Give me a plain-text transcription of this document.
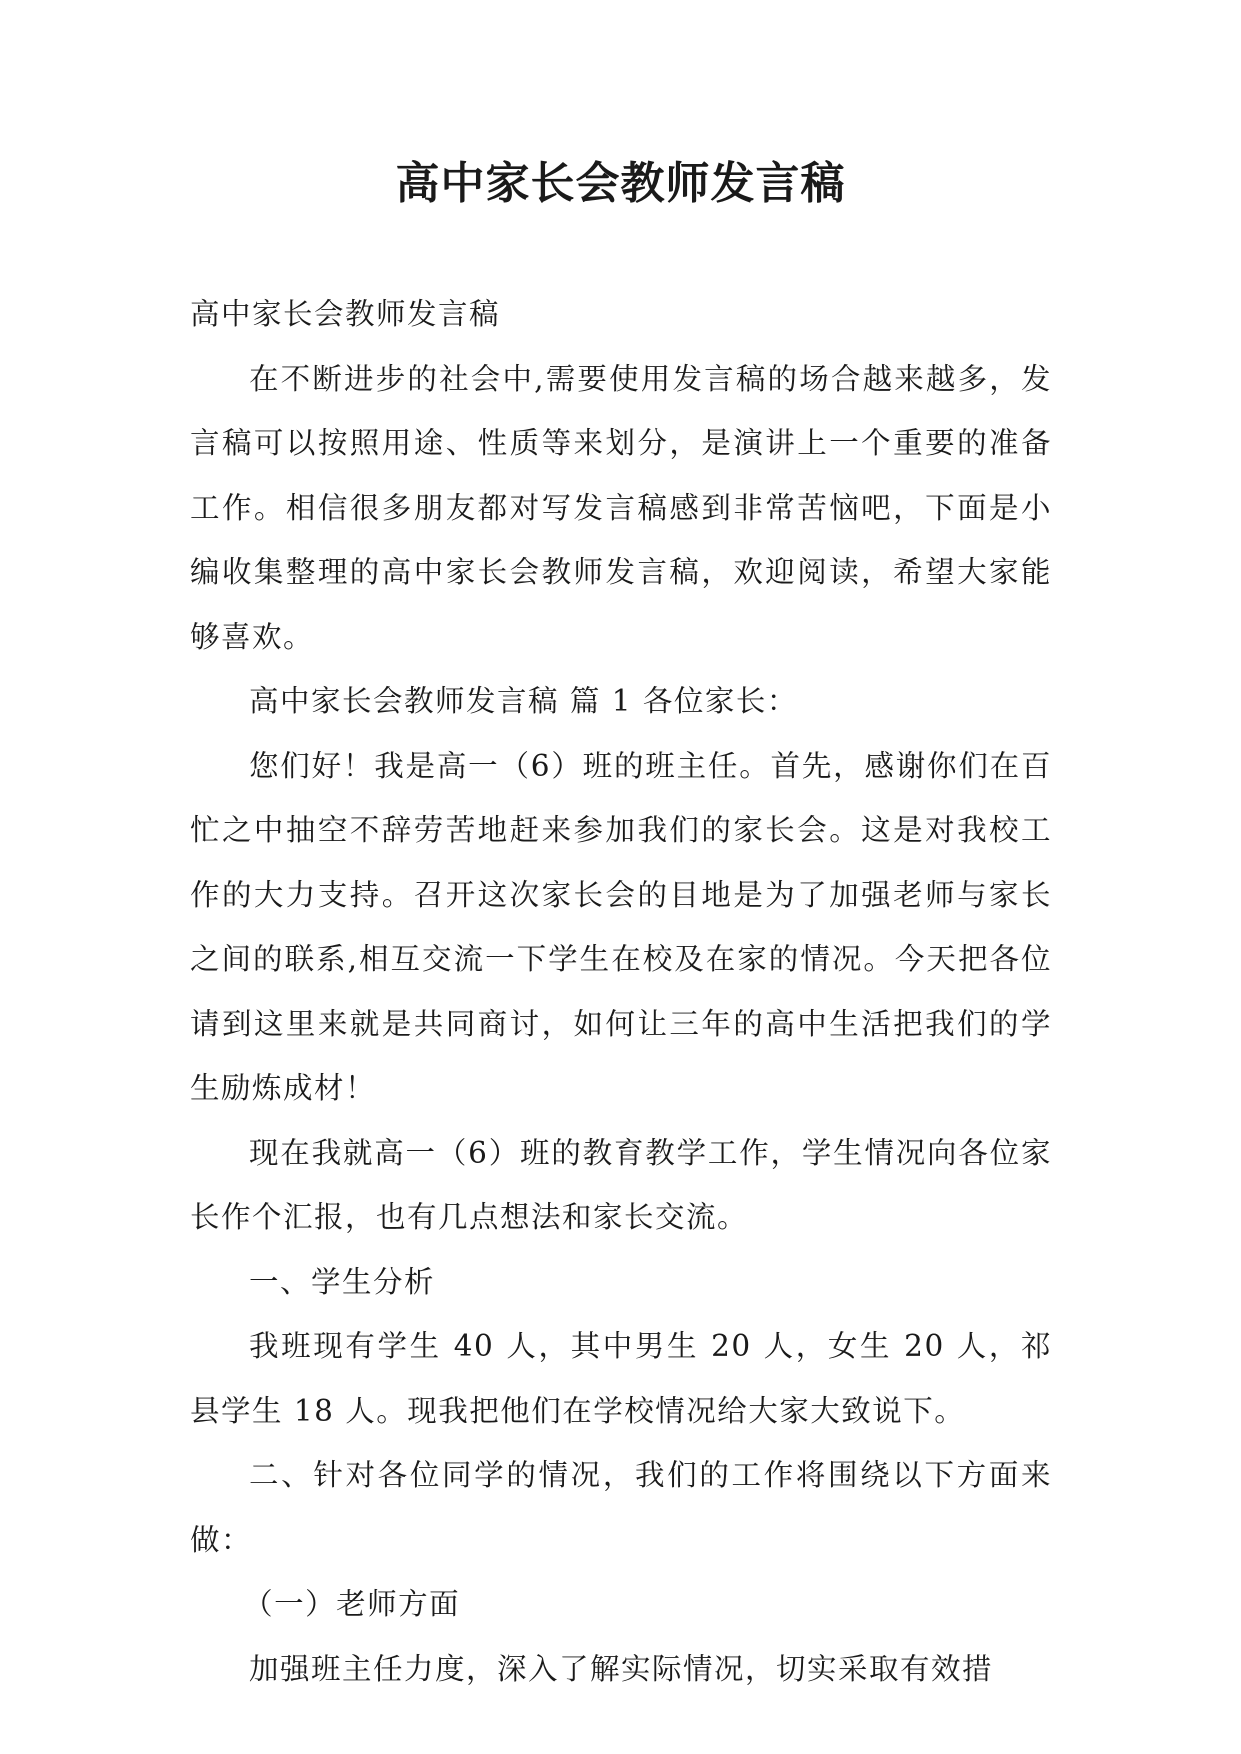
高中家长会教师发言稿

高中家长会教师发言稿

在不断进步的社会中,需要使用发言稿的场合越来越多，发言稿可以按照用途、性质等来划分，是演讲上一个重要的准备工作。相信很多朋友都对写发言稿感到非常苦恼吧，下面是小编收集整理的高中家长会教师发言稿，欢迎阅读，希望大家能够喜欢。

高中家长会教师发言稿 篇 1 各位家长：

您们好！我是高一（6）班的班主任。首先，感谢你们在百忙之中抽空不辞劳苦地赶来参加我们的家长会。这是对我校工作的大力支持。召开这次家长会的目地是为了加强老师与家长之间的联系,相互交流一下学生在校及在家的情况。今天把各位请到这里来就是共同商讨，如何让三年的高中生活把我们的学生励炼成材！

现在我就高一（6）班的教育教学工作，学生情况向各位家长作个汇报，也有几点想法和家长交流。

一、学生分析

我班现有学生 40 人，其中男生 20 人，女生 20 人，祁县学生 18 人。现我把他们在学校情况给大家大致说下。

二、针对各位同学的情况，我们的工作将围绕以下方面来做：

（一）老师方面

加强班主任力度，深入了解实际情况，切实采取有效措
